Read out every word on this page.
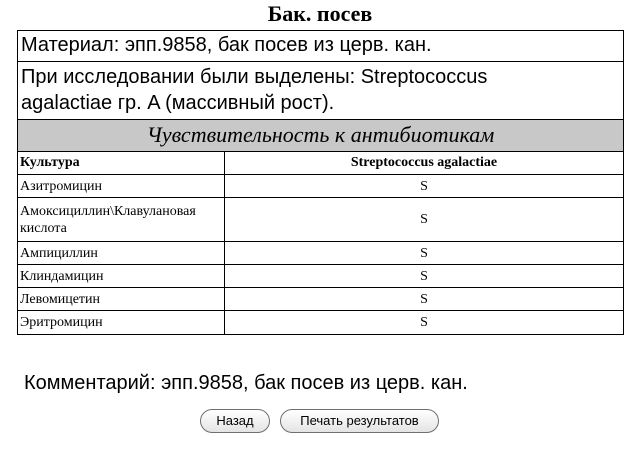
Бак. посев
Материал: эпп.9858, бак посев из церв. кан.
При исследовании были выделены: Streptococcus
agalactiae гр. A (массивный рост).
Чувствительность к антибиотикам
Культура	Streptococcus agalactiae
Азитромицин	S
Амоксициллин\Клавулановая кислота	S
Ампициллин	S
Клиндамицин	S
Левомицетин	S
Эритромицин	S
Комментарий: эпп.9858, бак посев из церв. кан.
Назад	Печать результатов
